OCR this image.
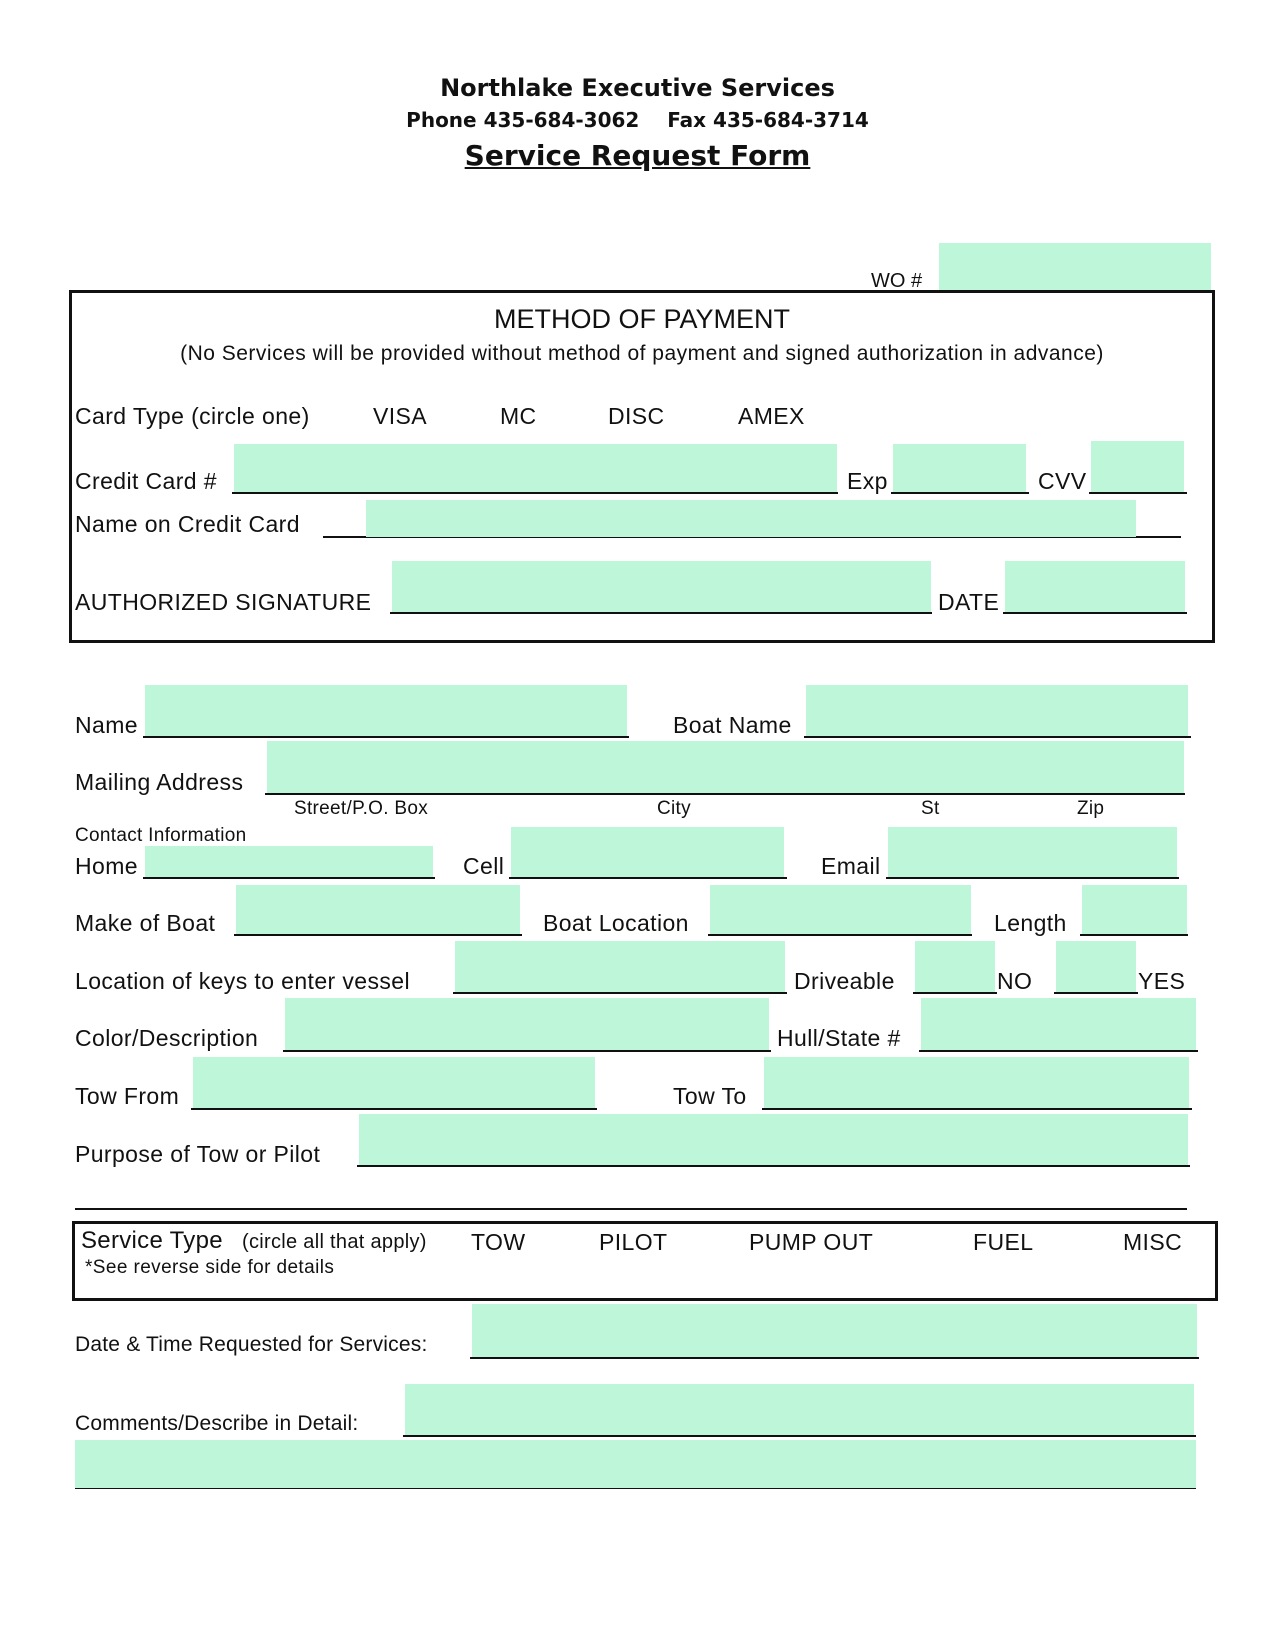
Northlake Executive Services
Phone 435-684-3062    Fax 435-684-3714
Service Request Form
WO #
METHOD OF PAYMENT
(No Services will be provided without method of payment and signed authorization in advance)
Card Type (circle one)	VISA	MC	DISC	AMEX
Credit Card #	Exp	CVV
Name on Credit Card
AUTHORIZED SIGNATURE	DATE
Name	Boat Name
Mailing Address
Street/P.O. Box	City	St	Zip
Contact Information
Home	Cell	Email
Make of Boat	Boat Location	Length
Location of keys to enter vessel	Driveable	NO	YES
Color/Description	Hull/State #
Tow From	Tow To
Purpose of Tow or Pilot
Service Type (circle all that apply)
*See reverse side for details
TOW	PILOT	PUMP OUT	FUEL	MISC
Date & Time Requested for Services:
Comments/Describe in Detail:
